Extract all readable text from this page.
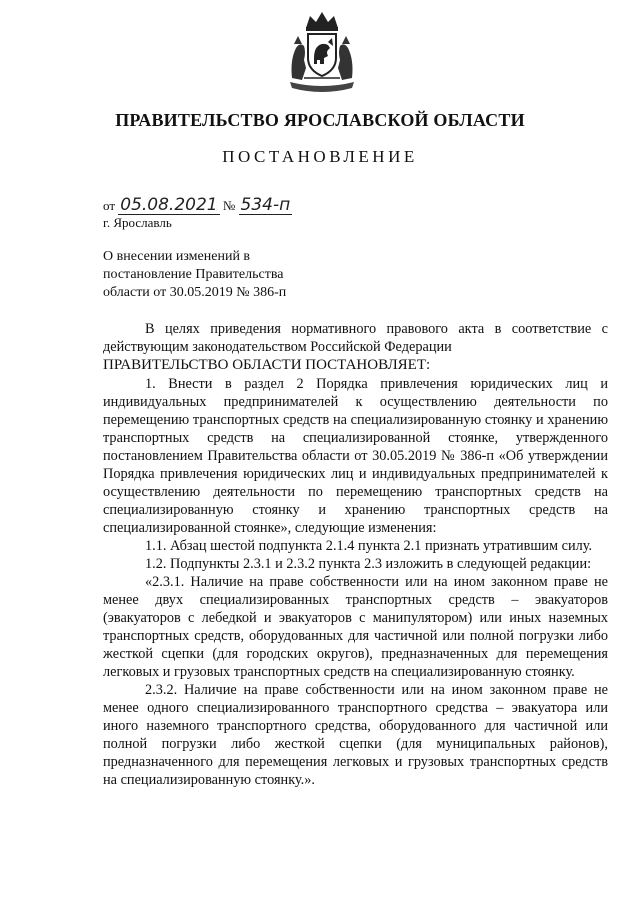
ПРАВИТЕЛЬСТВО ЯРОСЛАВСКОЙ ОБЛАСТИ
ПОСТАНОВЛЕНИЕ
от 05.08.2021 № 534-п
г. Ярославль
О внесении изменений в
постановление Правительства
области от 30.05.2019 № 386-п

В целях приведения нормативного правового акта в соответствие с действующим законодательством Российской Федерации

ПРАВИТЕЛЬСТВО ОБЛАСТИ ПОСТАНОВЛЯЕТ:

1. Внести в раздел 2 Порядка привлечения юридических лиц и индивидуальных предпринимателей к осуществлению деятельности по перемещению транспортных средств на специализированную стоянку и хранению транспортных средств на специализированной стоянке, утвержденного постановлением Правительства области от 30.05.2019 № 386-п «Об утверждении Порядка привлечения юридических лиц и индивидуальных предпринимателей к осуществлению деятельности по перемещению транспортных средств на специализированную стоянку и хранению транспортных средств на специализированной стоянке», следующие изменения:

1.1. Абзац шестой подпункта 2.1.4 пункта 2.1 признать утратившим силу.

1.2. Подпункты 2.3.1 и 2.3.2 пункта 2.3 изложить в следующей редакции:

«2.3.1. Наличие на праве собственности или на ином законном праве не менее двух специализированных транспортных средств – эвакуаторов (эвакуаторов с лебедкой и эвакуаторов с манипулятором) или иных наземных транспортных средств, оборудованных для частичной или полной погрузки либо жесткой сцепки (для городских округов), предназначенных для перемещения легковых и грузовых транспортных средств на специализированную стоянку.

2.3.2. Наличие на праве собственности или на ином законном праве не менее одного специализированного транспортного средства – эвакуатора или иного наземного транспортного средства, оборудованного для частичной или полной погрузки либо жесткой сцепки (для муниципальных районов), предназначенного для перемещения легковых и грузовых транспортных средств на специализированную стоянку.».
